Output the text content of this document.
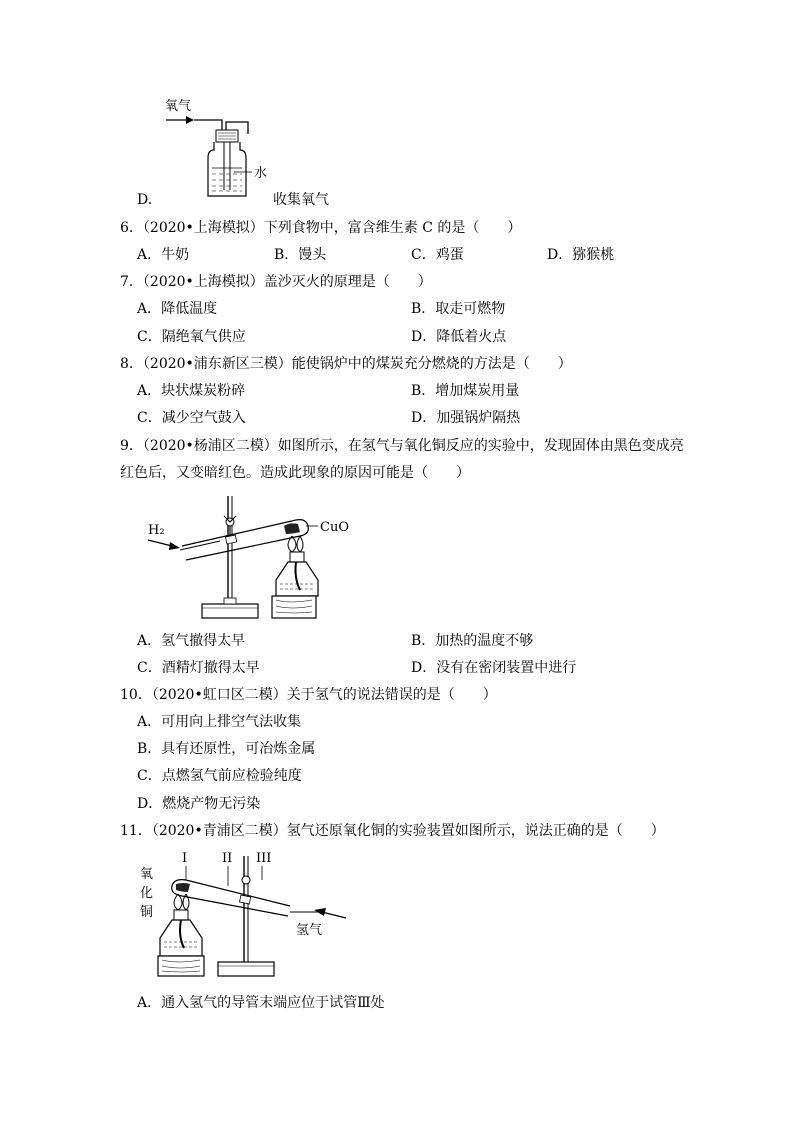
氧气
水
D.	收集氧气
6．（2020•上海模拟）下列食物中，富含维生素 C 的是（　　）
A．牛奶	B．馒头	C．鸡蛋	D．猕猴桃
7．（2020•上海模拟）盖沙灭火的原理是（　　）
A．降低温度	B．取走可燃物
C．隔绝氧气供应	D．降低着火点
8．（2020•浦东新区三模）能使锅炉中的煤炭充分燃烧的方法是（　　）
A．块状煤炭粉碎	B．增加煤炭用量
C．减少空气鼓入	D．加强锅炉隔热
9．（2020•杨浦区二模）如图所示，在氢气与氧化铜反应的实验中，发现固体由黑色变成亮
红色后，又变暗红色。造成此现象的原因可能是（　　）
H₂	CuO
A．氢气撤得太早	B．加热的温度不够
C．酒精灯撤得太早	D．没有在密闭装置中进行
10．（2020•虹口区二模）关于氢气的说法错误的是（　　）
A．可用向上排空气法收集
B．具有还原性，可冶炼金属
C．点燃氢气前应检验纯度
D．燃烧产物无污染
11．（2020•青浦区二模）氢气还原氧化铜的实验装置如图所示，说法正确的是（　　）
氧
化
铜
I	II III
氢气
A．通入氢气的导管末端应位于试管Ⅲ处
